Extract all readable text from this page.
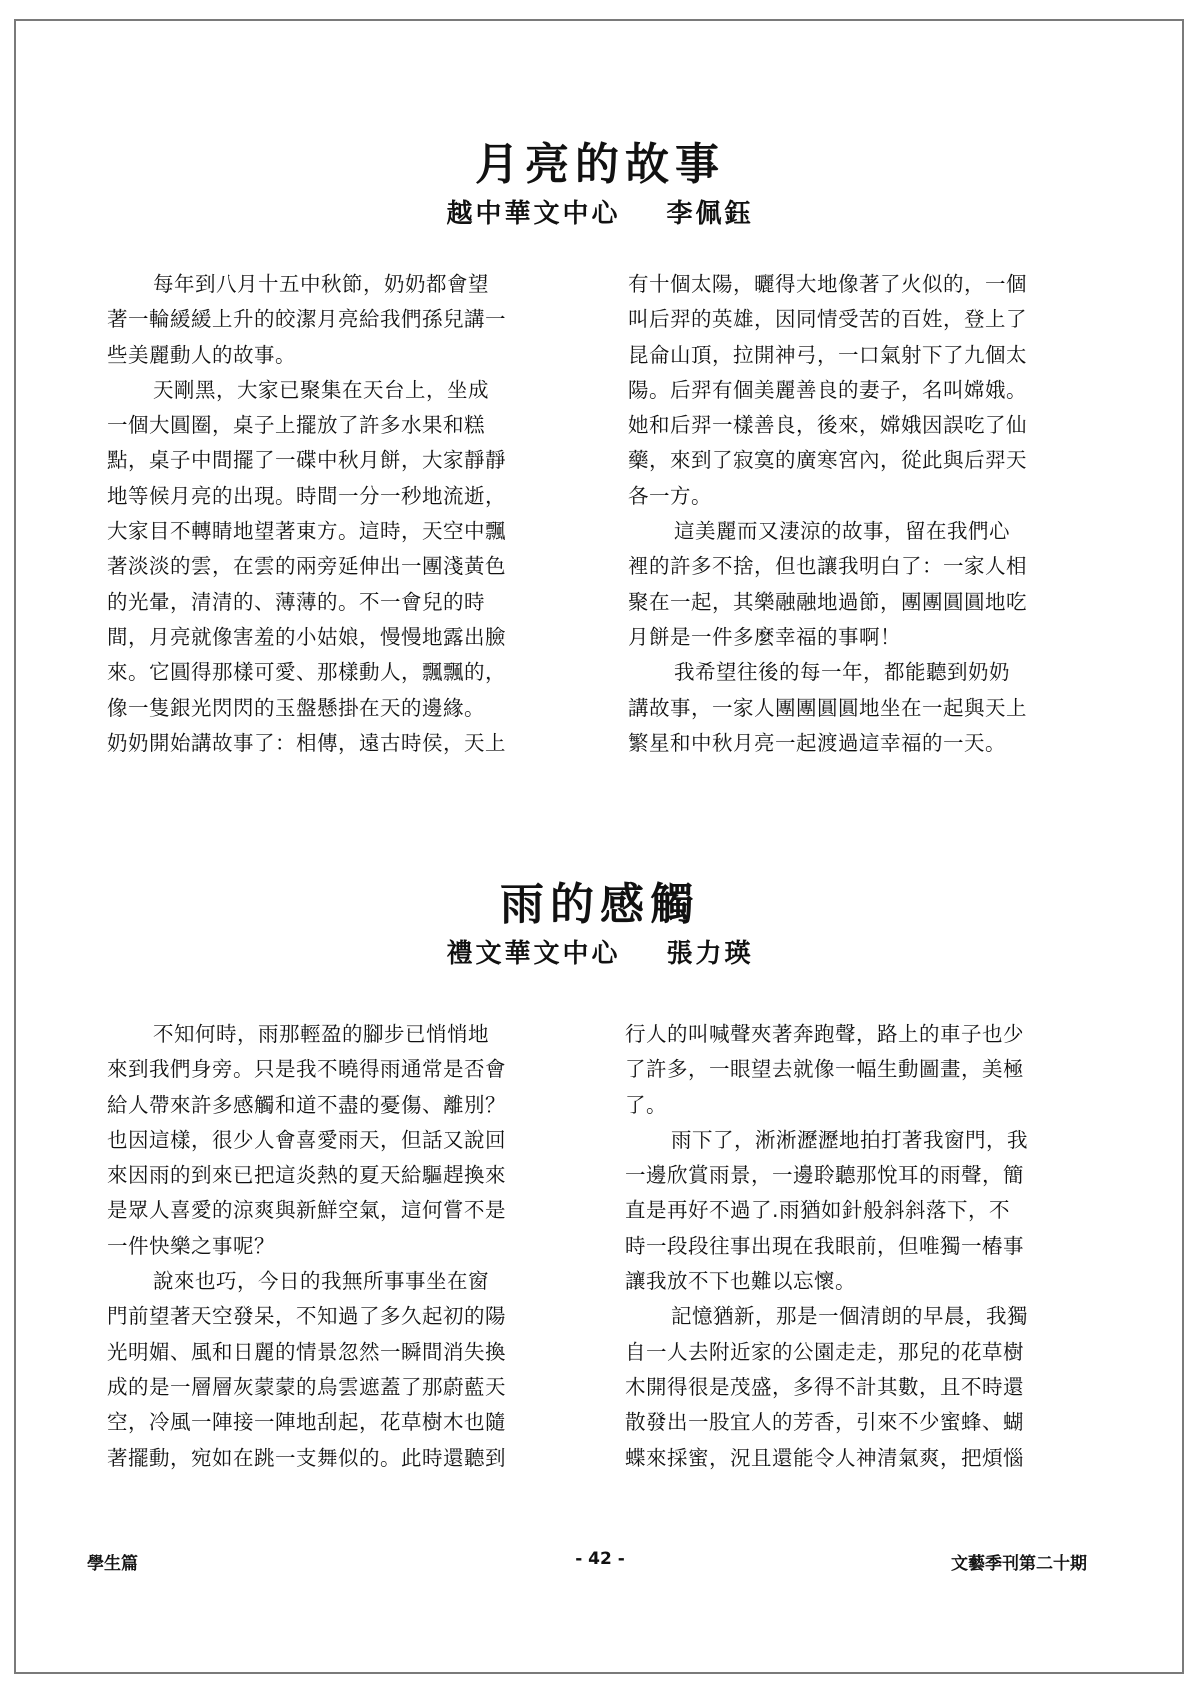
月亮的故事
越中華文中心 李佩鈺
每年到八月十五中秋節，奶奶都會望
著一輪緩緩上升的皎潔月亮給我們孫兒講一
些美麗動人的故事。
天剛黑，大家已聚集在天台上，坐成
一個大圓圈，桌子上擺放了許多水果和糕
點，桌子中間擺了一碟中秋月餅，大家靜靜
地等候月亮的出現。時間一分一秒地流逝，
大家目不轉睛地望著東方。這時，天空中飄
著淡淡的雲，在雲的兩旁延伸出一團淺黃色
的光暈，清清的、薄薄的。不一會兒的時
間，月亮就像害羞的小姑娘，慢慢地露出臉
來。它圓得那樣可愛、那樣動人，飄飄的，
像一隻銀光閃閃的玉盤懸掛在天的邊緣。
奶奶開始講故事了：相傳，遠古時侯，天上
有十個太陽，曬得大地像著了火似的，一個
叫后羿的英雄，因同情受苦的百姓，登上了
昆侖山頂，拉開神弓，一口氣射下了九個太
陽。后羿有個美麗善良的妻子，名叫嫦娥。
她和后羿一樣善良，後來，嫦娥因誤吃了仙
藥，來到了寂寞的廣寒宮內，從此與后羿天
各一方。
這美麗而又淒涼的故事，留在我們心
裡的許多不捨，但也讓我明白了：一家人相
聚在一起，其樂融融地過節，團團圓圓地吃
月餅是一件多麼幸福的事啊！
我希望往後的每一年，都能聽到奶奶
講故事，一家人團團圓圓地坐在一起與天上
繁星和中秋月亮一起渡過這幸福的一天。
雨的感觸
禮文華文中心 張力瑛
不知何時，雨那輕盈的腳步已悄悄地
來到我們身旁。只是我不曉得雨通常是否會
給人帶來許多感觸和道不盡的憂傷、離別？
也因這樣，很少人會喜愛雨天，但話又說回
來因雨的到來已把這炎熱的夏天給驅趕換來
是眾人喜愛的涼爽與新鮮空氣，這何嘗不是
一件快樂之事呢？
說來也巧，今日的我無所事事坐在窗
門前望著天空發呆，不知過了多久起初的陽
光明媚、風和日麗的情景忽然一瞬間消失換
成的是一層層灰蒙蒙的烏雲遮蓋了那蔚藍天
空，冷風一陣接一陣地刮起，花草樹木也隨
著擺動，宛如在跳一支舞似的。此時還聽到
行人的叫喊聲夾著奔跑聲，路上的車子也少
了許多，一眼望去就像一幅生動圖畫，美極
了。
雨下了，淅淅瀝瀝地拍打著我窗門，我
一邊欣賞雨景，一邊聆聽那悅耳的雨聲，簡
直是再好不過了.雨猶如針般斜斜落下，不
時一段段往事出現在我眼前，但唯獨一樁事
讓我放不下也難以忘懷。
記憶猶新，那是一個清朗的早晨，我獨
自一人去附近家的公園走走，那兒的花草樹
木開得很是茂盛，多得不計其數，且不時還
散發出一股宜人的芳香，引來不少蜜蜂、蝴
蝶來採蜜，況且還能令人神清氣爽，把煩惱
學生篇	- 42 -	文藝季刊第二十期
